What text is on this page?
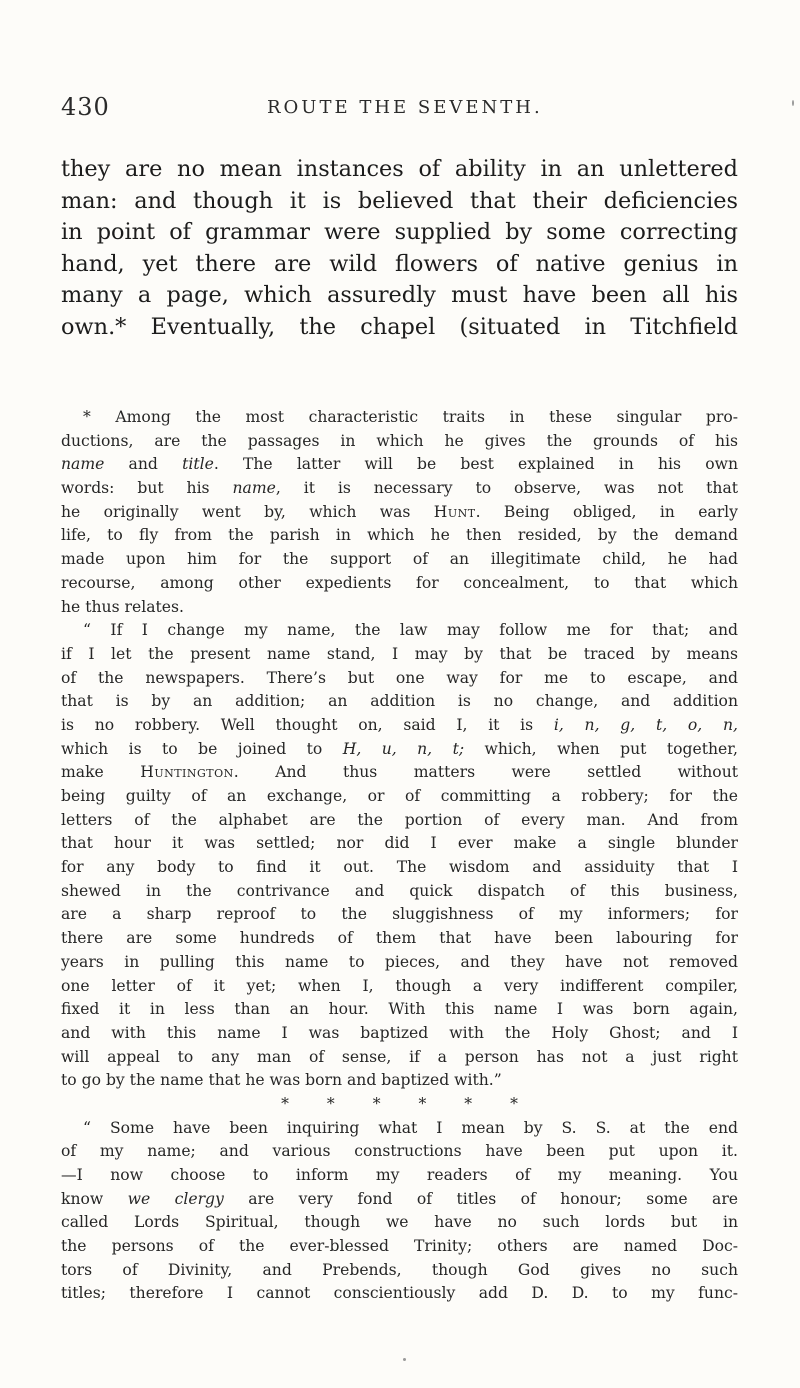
430	ROUTE THE SEVENTH.
they are no mean instances of ability in an unlettered
man: and though it is believed that their deficiencies
in point of grammar were supplied by some correcting
hand, yet there are wild flowers of native genius in
many a page, which assuredly must have been all his
own.* Eventually, the chapel (situated in Titchfield
* Among the most characteristic traits in these singular pro-
ductions, are the passages in which he gives the grounds of his
name and title. The latter will be best explained in his own
words: but his name, it is necessary to observe, was not that
he originally went by, which was Hunt. Being obliged, in early
life, to fly from the parish in which he then resided, by the demand
made upon him for the support of an illegitimate child, he had
recourse, among other expedients for concealment, to that which
he thus relates.
“ If I change my name, the law may follow me for that; and
if I let the present name stand, I may by that be traced by means
of the newspapers. There’s but one way for me to escape, and
that is by an addition; an addition is no change, and addition
is no robbery. Well thought on, said I, it is i, n, g, t, o, n,
which is to be joined to H, u, n, t; which, when put together,
make Huntington. And thus matters were settled without
being guilty of an exchange, or of committing a robbery; for the
letters of the alphabet are the portion of every man. And from
that hour it was settled; nor did I ever make a single blunder
for any body to find it out. The wisdom and assiduity that I
shewed in the contrivance and quick dispatch of this business,
are a sharp reproof to the sluggishness of my informers; for
there are some hundreds of them that have been labouring for
years in pulling this name to pieces, and they have not removed
one letter of it yet; when I, though a very indifferent compiler,
fixed it in less than an hour. With this name I was born again,
and with this name I was baptized with the Holy Ghost; and I
will appeal to any man of sense, if a person has not a just right
to go by the name that he was born and baptized with.”
******
“ Some have been inquiring what I mean by S. S. at the end
of my name; and various constructions have been put upon it.
—I now choose to inform my readers of my meaning. You
know we clergy are very fond of titles of honour; some are
called Lords Spiritual, though we have no such lords but in
the persons of the ever-blessed Trinity; others are named Doc-
tors of Divinity, and Prebends, though God gives no such
titles; therefore I cannot conscientiously add D. D. to my func-
